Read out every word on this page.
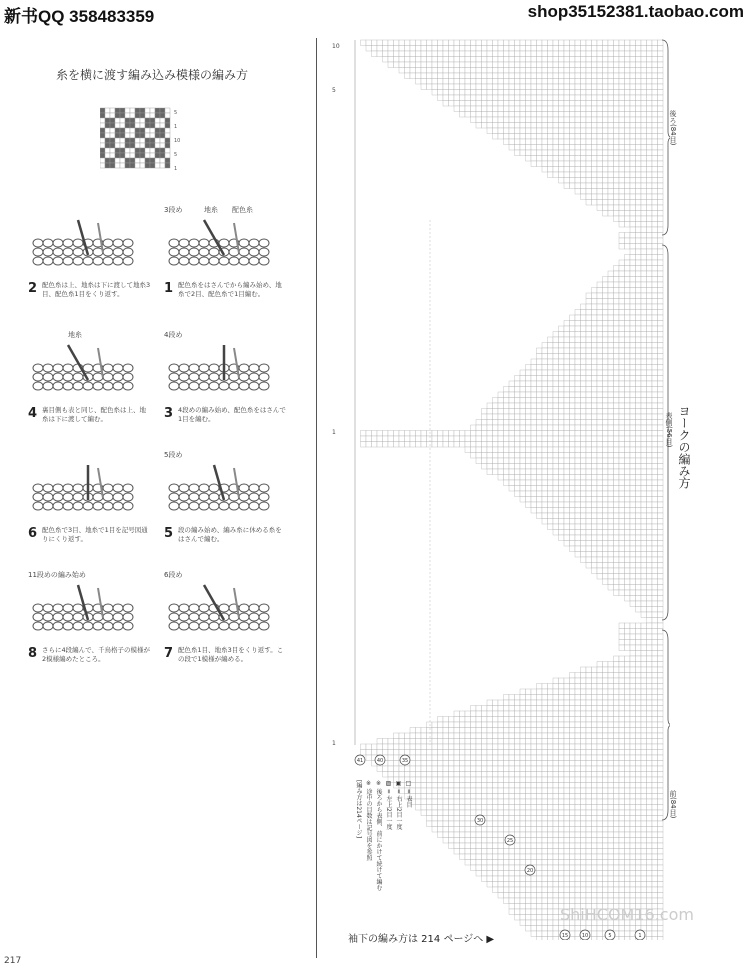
新书QQ 358483359	shop35152381.taobao.com
糸を横に渡す編み込み模様の編み方
5
1
10
5
1
3段め	地糸 配色糸
1 配色糸をはさんでから編み始め、地糸で2目、配色糸で1目編む。
2 配色糸は上、地糸は下に渡して地糸3目、配色糸1目をくり返す。
4段め
3 4段めの編み始め、配色糸をはさんで1目を編む。
地糸
4 裏目側も表と同じ、配色糸は上、地糸は下に渡して編む。
5段め
5 段の編み始め、編み糸に休める糸をはさんで編む。
6 配色糸で3目、地糸で1目を記号図通りにくり返す。
6段め
7 配色糸1目、地糸3目をくり返す。この段で1模様が編める。
11段めの編み始め
8 さらに4段編んで、千鳥格子の模様が2模様編めたところ。
10
5
1
1
41	40	35
30
25
20
15	10	5	1
後ろ(84目)
ヨークの編み方
表側(56目)
前(84目)
□ = 表目
▣ = 右上2目一度
▨ = 左上2目一度
※ 後ろから表側、前にかけて続けて編む
※ 途中の目数は記号図を参照
[編み方は214ページ]
ShiHCOM16.com
袖下の編み方は 214 ページへ ▶
217
